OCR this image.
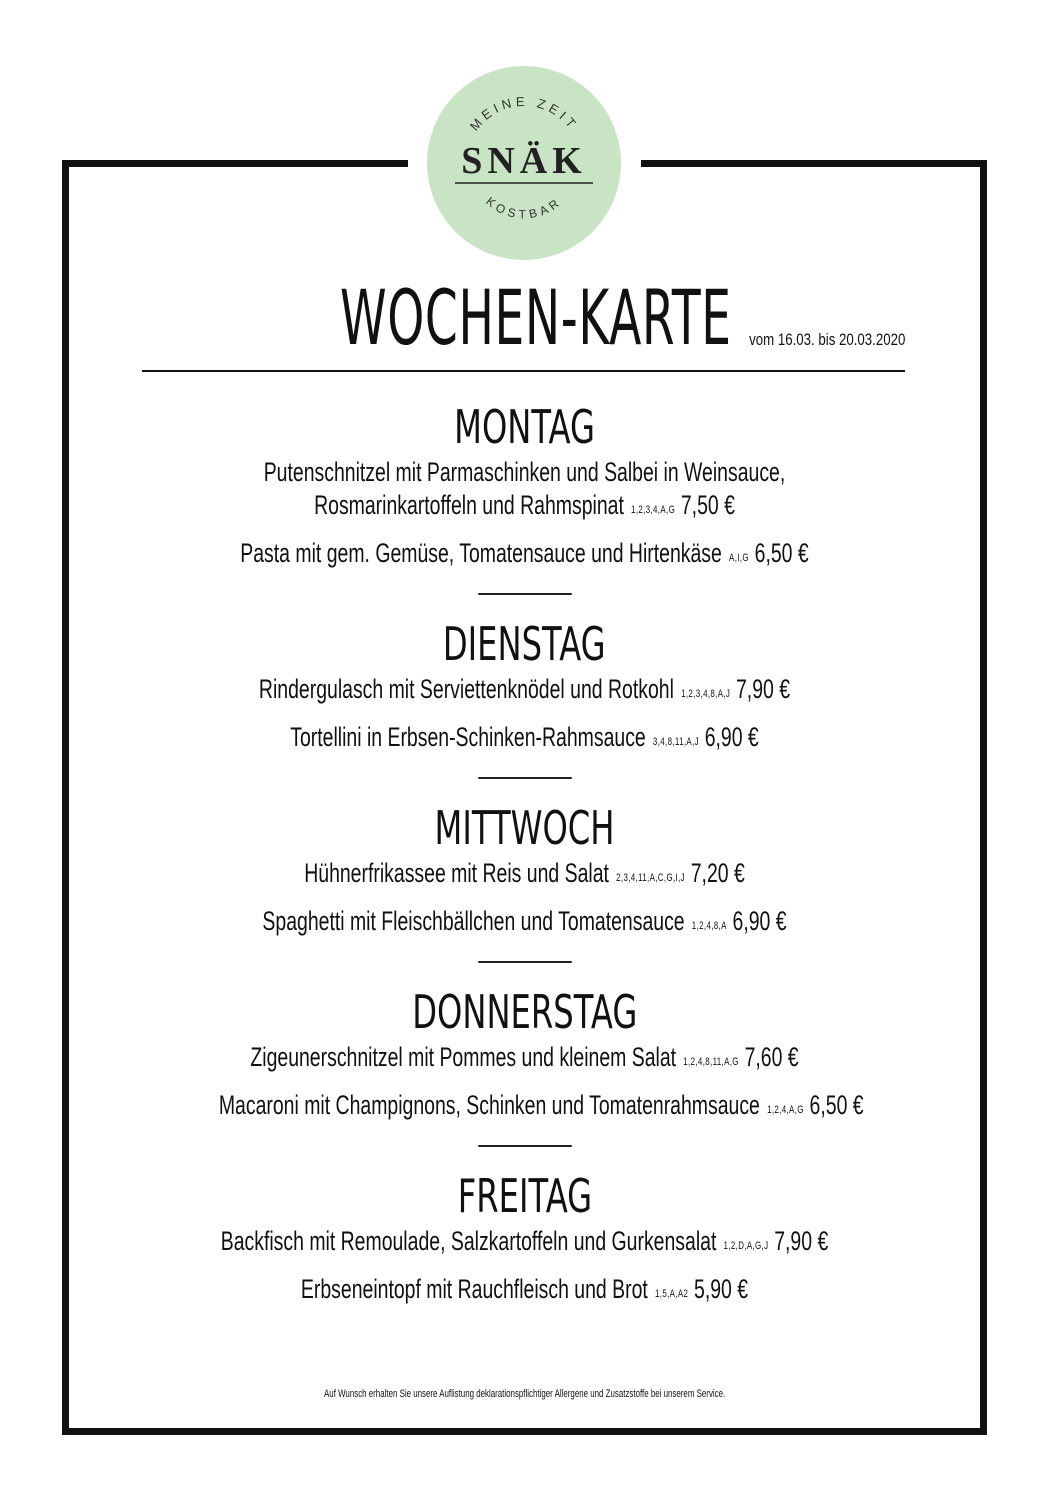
MEINE ZEIT
SNÄK
KOSTBAR
WOCHEN-KARTE vom 16.03. bis 20.03.2020
MONTAG
Putenschnitzel mit Parmaschinken und Salbei in Weinsauce,
Rosmarinkartoffeln und Rahmspinat 1,2,3,4,A,G 7,50 €
Pasta mit gem. Gemüse, Tomatensauce und Hirtenkäse A,I,G 6,50 €
DIENSTAG
Rindergulasch mit Serviettenknödel und Rotkohl 1,2,3,4,8,A,J 7,90 €
Tortellini in Erbsen-Schinken-Rahmsauce 3,4,8,11,A,J 6,90 €
MITTWOCH
Hühnerfrikassee mit Reis und Salat 2,3,4,11,A,C,G,I,J 7,20 €
Spaghetti mit Fleischbällchen und Tomatensauce 1,2,4,8,A 6,90 €
DONNERSTAG
Zigeunerschnitzel mit Pommes und kleinem Salat 1,2,4,8,11,A,G 7,60 €
Macaroni mit Champignons, Schinken und Tomatenrahmsauce 1,2,4,A,G 6,50 €
FREITAG
Backfisch mit Remoulade, Salzkartoffeln und Gurkensalat 1,2,D,A,G,J 7,90 €
Erbseneintopf mit Rauchfleisch und Brot 1,5,A,A2 5,90 €
Auf Wunsch erhalten Sie unsere Auflistung deklarationspflichtiger Allergene und Zusatzstoffe bei unserem Service.
